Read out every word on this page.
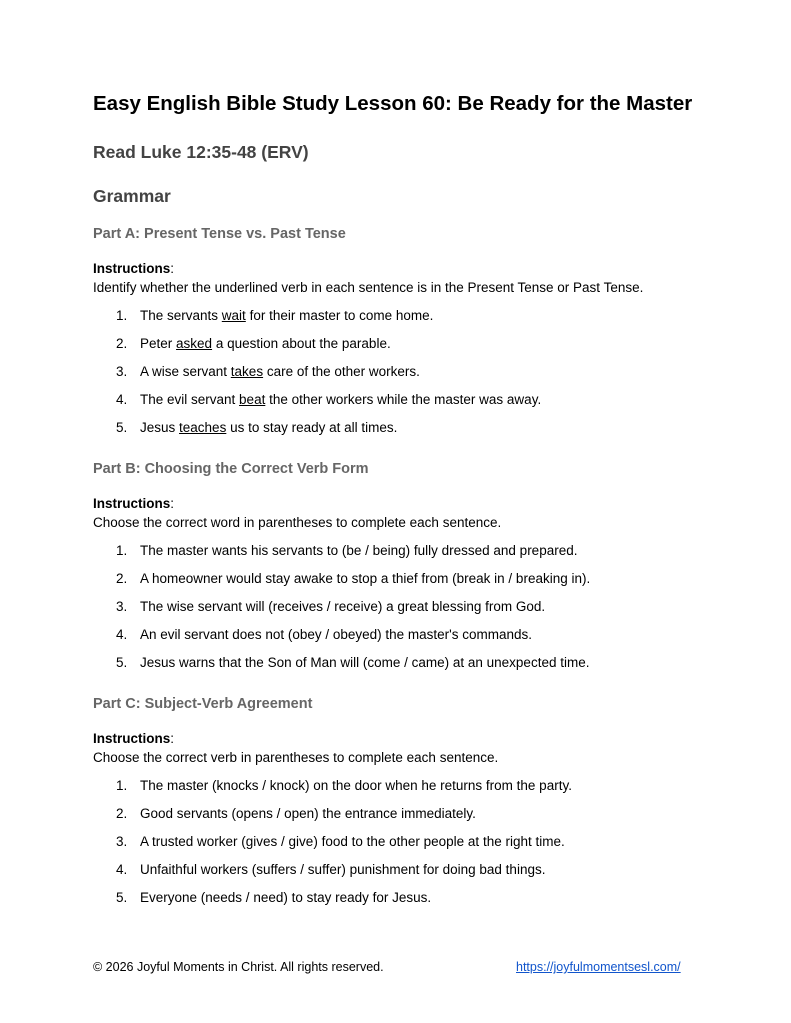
Easy English Bible Study Lesson 60: Be Ready for the Master
Read Luke 12:35-48 (ERV)
Grammar

Part A: Present Tense vs. Past Tense

Instructions:

Identify whether the underlined verb in each sentence is in the Present Tense or Past Tense.

1. The servants wait for their master to come home.
2. Peter asked a question about the parable.
3. A wise servant takes care of the other workers.
4. The evil servant beat the other workers while the master was away.
5. Jesus teaches us to stay ready at all times.

Part B: Choosing the Correct Verb Form

Instructions:

Choose the correct word in parentheses to complete each sentence.

1. The master wants his servants to (be / being) fully dressed and prepared.
2. A homeowner would stay awake to stop a thief from (break in / breaking in).
3. The wise servant will (receives / receive) a great blessing from God.
4. An evil servant does not (obey / obeyed) the master's commands.
5. Jesus warns that the Son of Man will (come / came) at an unexpected time.

Part C: Subject-Verb Agreement

Instructions:

Choose the correct verb in parentheses to complete each sentence.

1. The master (knocks / knock) on the door when he returns from the party.
2. Good servants (opens / open) the entrance immediately.
3. A trusted worker (gives / give) food to the other people at the right time.
4. Unfaithful workers (suffers / suffer) punishment for doing bad things.
5. Everyone (needs / need) to stay ready for Jesus.
© 2026 Joyful Moments in Christ. All rights reserved.	https://joyfulmomentsesl.com/
